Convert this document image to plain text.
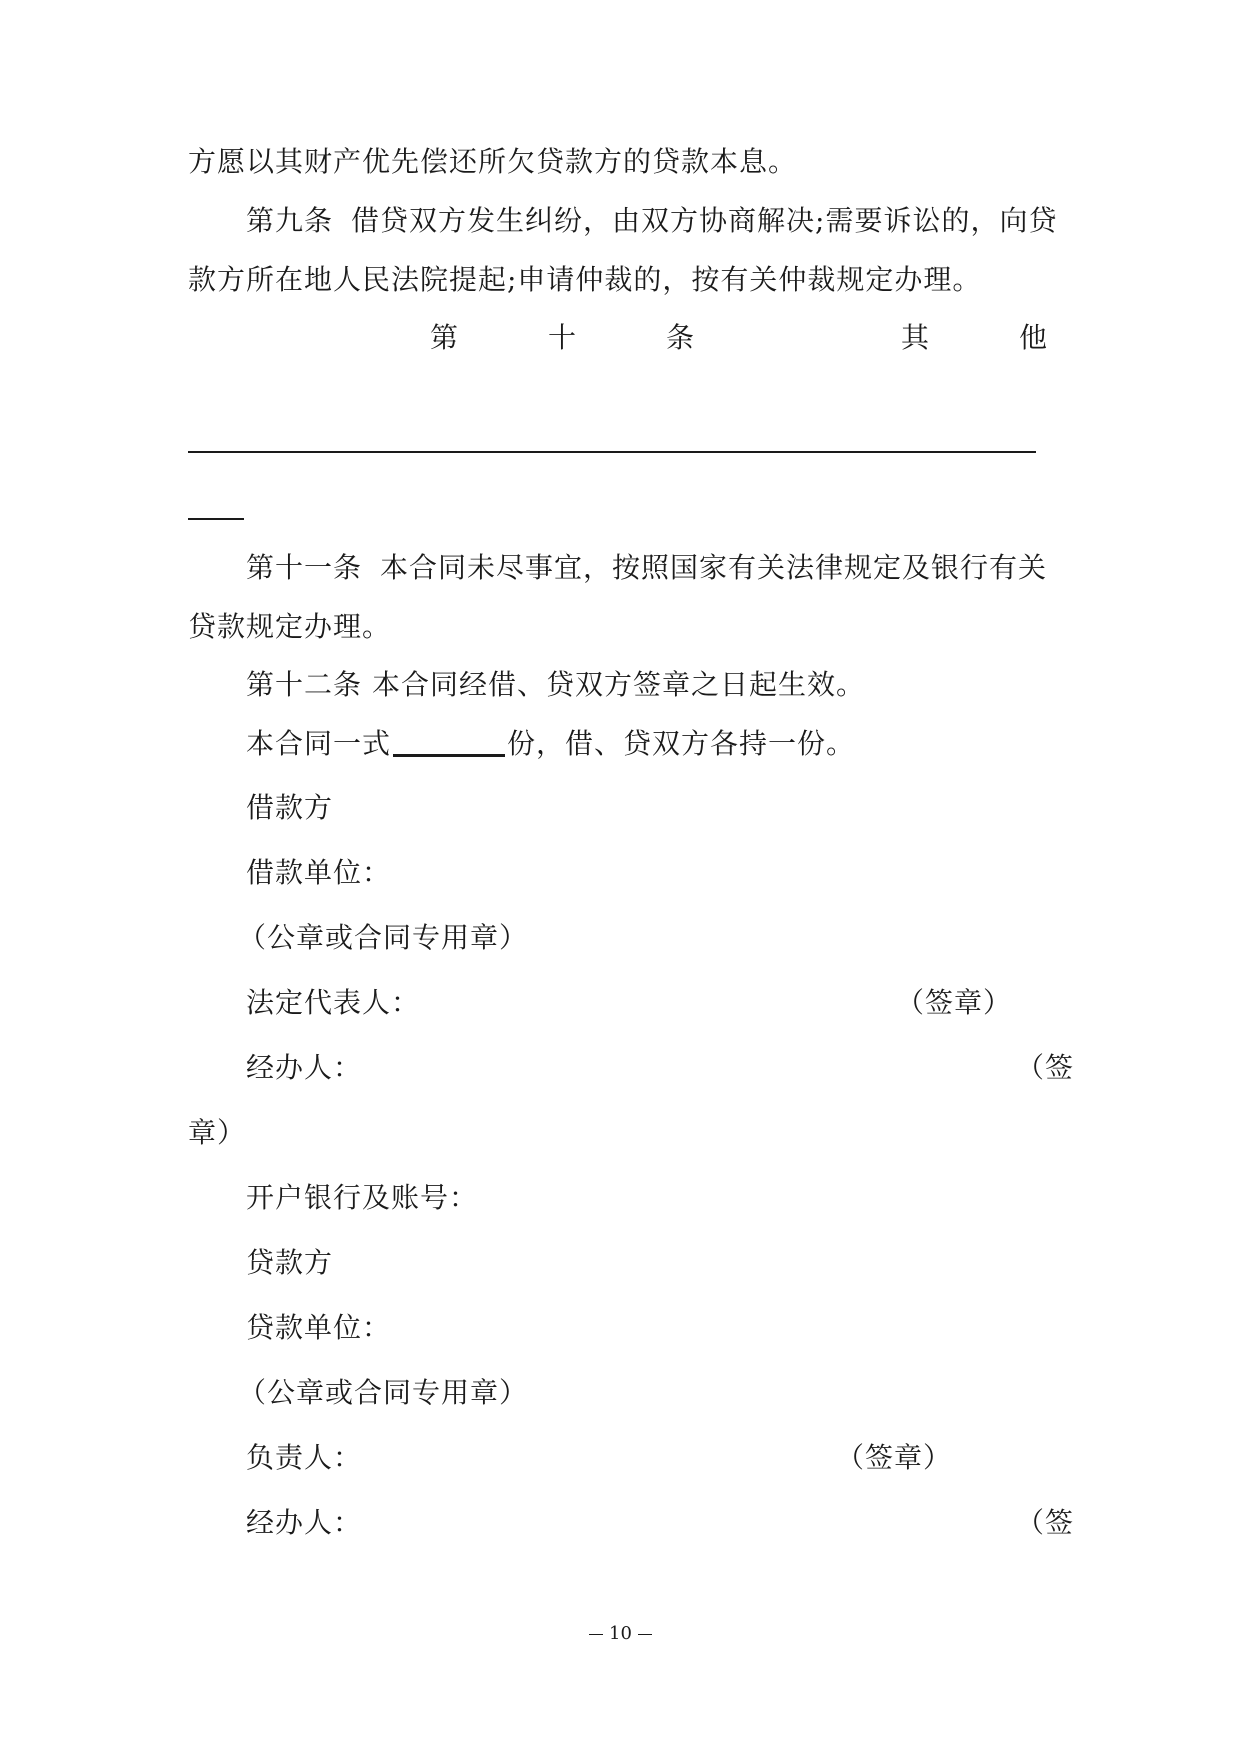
方愿以其财产优先偿还所欠贷款方的贷款本息。
第九条 借贷双方发生纠纷，由双方协商解决;需要诉讼的，向贷
款方所在地人民法院提起;申请仲裁的，按有关仲裁规定办理。
第	十	条	其	他
第十一条 本合同未尽事宜，按照国家有关法律规定及银行有关
贷款规定办理。
第十二条 本合同经借、贷双方签章之日起生效。
本合同一式	份，借、贷双方各持一份。
借款方
借款单位：
（公章或合同专用章）
法定代表人：	（签章）
经办人：	（签
章）
开户银行及账号：
贷款方
贷款单位：
（公章或合同专用章）
负责人：	（签章）
经办人：	（签
10
